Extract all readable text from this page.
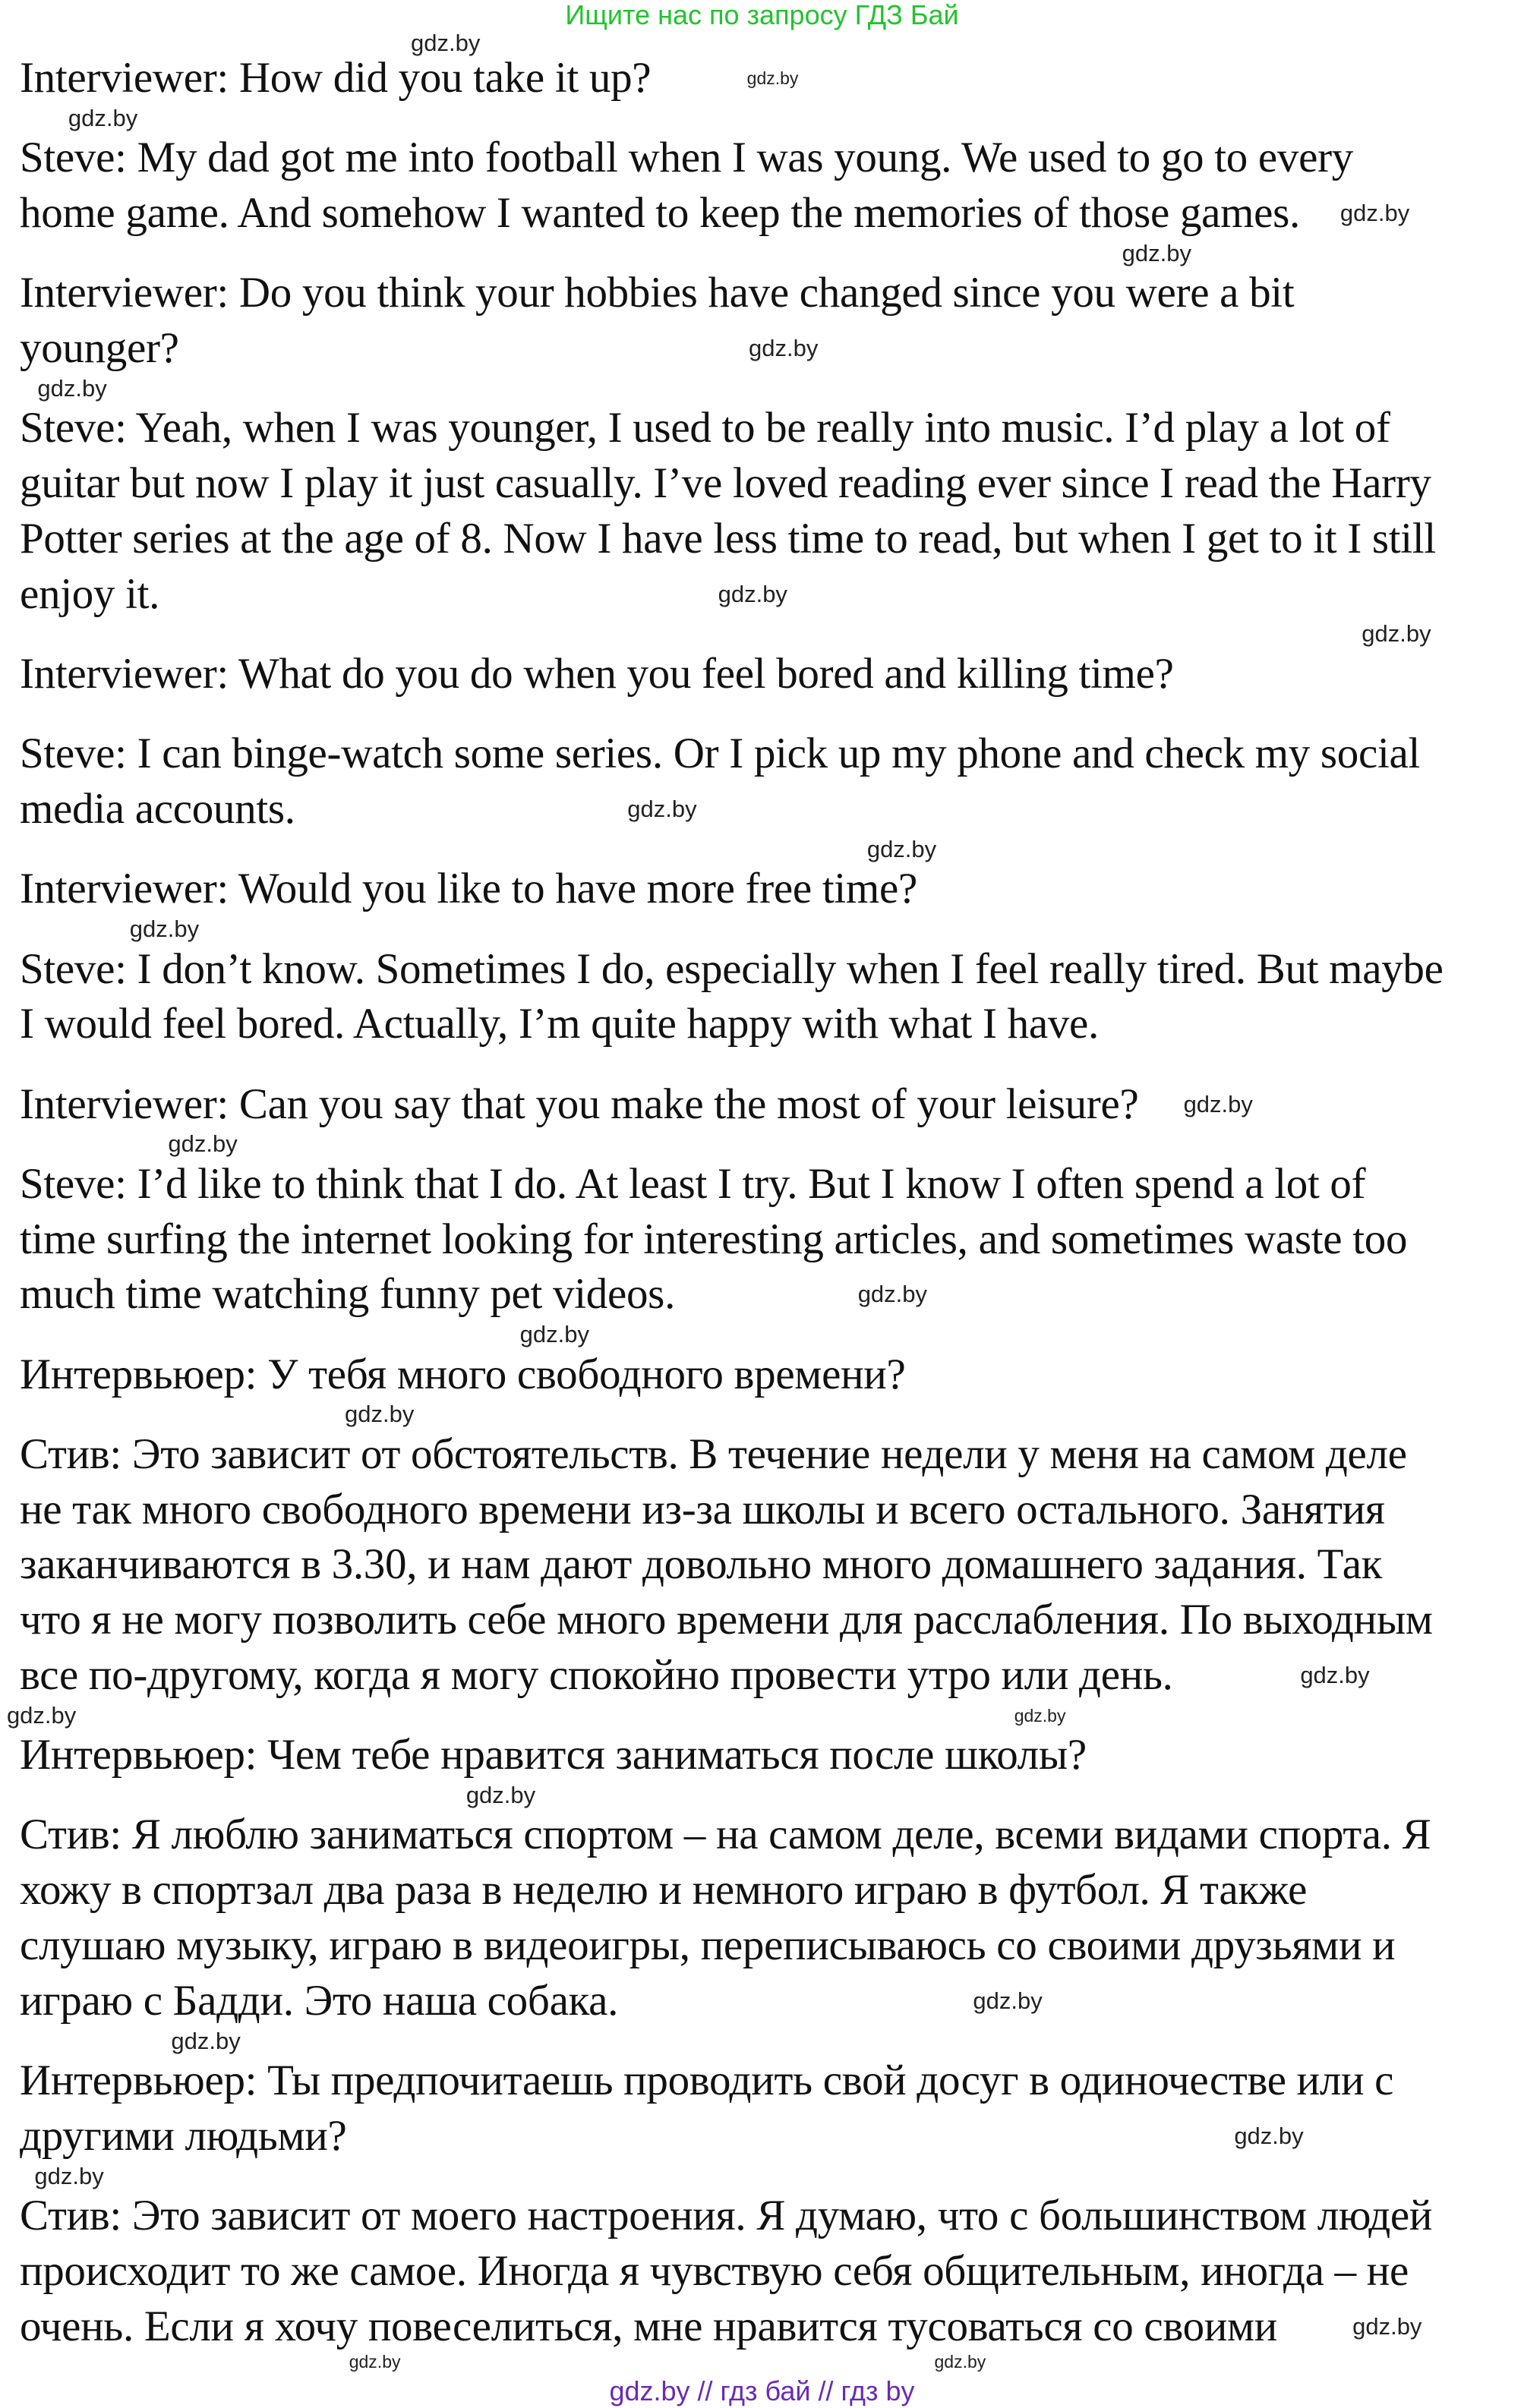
Ищите нас по запросу ГДЗ Бай
Interviewer: How did you take it up?
Steve: My dad got me into football when I was young. We used to go to every
home game. And somehow I wanted to keep the memories of those games.
Interviewer: Do you think your hobbies have changed since you were a bit
younger?
Steve: Yeah, when I was younger, I used to be really into music. I’d play a lot of
guitar but now I play it just casually. I’ve loved reading ever since I read the Harry
Potter series at the age of 8. Now I have less time to read, but when I get to it I still
enjoy it.
Interviewer: What do you do when you feel bored and killing time?
Steve: I can binge-watch some series. Or I pick up my phone and check my social
media accounts.
Interviewer: Would you like to have more free time?
Steve: I don’t know. Sometimes I do, especially when I feel really tired. But maybe
I would feel bored. Actually, I’m quite happy with what I have.
Interviewer: Can you say that you make the most of your leisure?
Steve: I’d like to think that I do. At least I try. But I know I often spend a lot of
time surfing the internet looking for interesting articles, and sometimes waste too
much time watching funny pet videos.
Интервьюер: У тебя много свободного времени?
Стив: Это зависит от обстоятельств. В течение недели у меня на самом деле
не так много свободного времени из-за школы и всего остального. Занятия
заканчиваются в 3.30, и нам дают довольно много домашнего задания. Так
что я не могу позволить себе много времени для расслабления. По выходным
все по-другому, когда я могу спокойно провести утро или день.
Интервьюер: Чем тебе нравится заниматься после школы?
Стив: Я люблю заниматься спортом – на самом деле, всеми видами спорта. Я
хожу в спортзал два раза в неделю и немного играю в футбол. Я также
слушаю музыку, играю в видеоигры, переписываюсь со своими друзьями и
играю с Бадди. Это наша собака.
Интервьюер: Ты предпочитаешь проводить свой досуг в одиночестве или с
другими людьми?
Стив: Это зависит от моего настроения. Я думаю, что с большинством людей
происходит то же самое. Иногда я чувствую себя общительным, иногда – не
очень. Если я хочу повеселиться, мне нравится тусоваться со своими
gdz.by
gdz.by
gdz.by
gdz.by
gdz.by
gdz.by
gdz.by
gdz.by
gdz.by
gdz.by
gdz.by
gdz.by
gdz.by
gdz.by
gdz.by
gdz.by
gdz.by
gdz.by
gdz.by
gdz.by
gdz.by
gdz.by
gdz.by
gdz.by
gdz.by
gdz.by	gdz.by
gdz.by
gdz.by // гдз бай // гдз by
